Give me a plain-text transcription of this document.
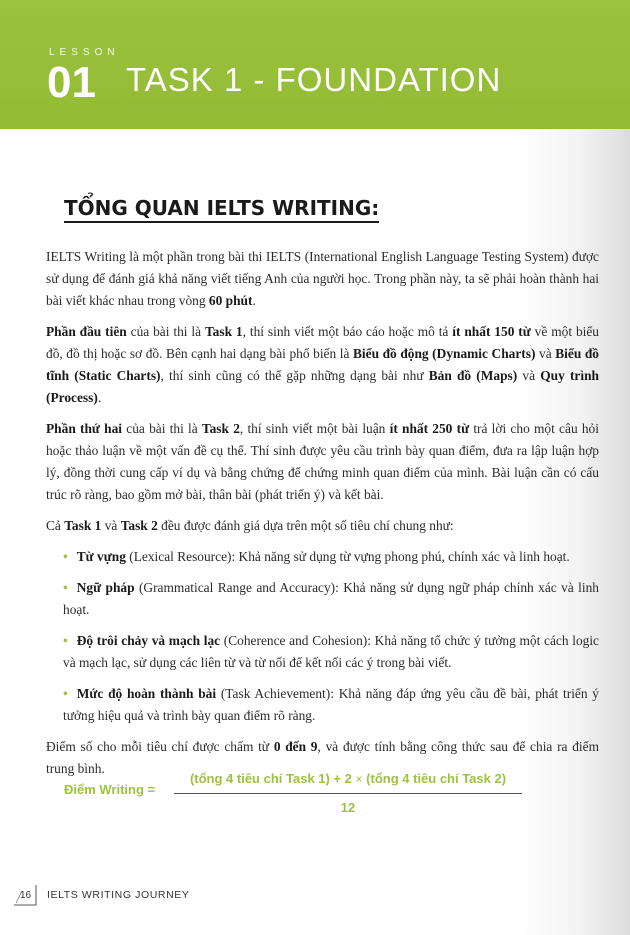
LESSON
01 TASK 1 - FOUNDATION
TỔNG QUAN IELTS WRITING:

IELTS Writing là một phần trong bài thi IELTS (International English Language Testing System) được sử dụng để đánh giá khả năng viết tiếng Anh của người học. Trong phần này, ta sẽ phải hoàn thành hai bài viết khác nhau trong vòng 60 phút.

Phần đầu tiên của bài thi là Task 1, thí sinh viết một báo cáo hoặc mô tả ít nhất 150 từ về một biểu đồ, đồ thị hoặc sơ đồ. Bên cạnh hai dạng bài phổ biến là Biểu đồ động (Dynamic Charts) và Biểu đồ tĩnh (Static Charts), thí sinh cũng có thể gặp những dạng bài như Bản đồ (Maps) và Quy trình (Process).

Phần thứ hai của bài thi là Task 2, thí sinh viết một bài luận ít nhất 250 từ trả lời cho một câu hỏi hoặc thảo luận về một vấn đề cụ thể. Thí sinh được yêu cầu trình bày quan điểm, đưa ra lập luận hợp lý, đồng thời cung cấp ví dụ và bằng chứng để chứng minh quan điểm của mình. Bài luận cần có cấu trúc rõ ràng, bao gồm mở bài, thân bài (phát triển ý) và kết bài.

Cả Task 1 và Task 2 đều được đánh giá dựa trên một số tiêu chí chung như:

• Từ vựng (Lexical Resource): Khả năng sử dụng từ vựng phong phú, chính xác và linh hoạt.
• Ngữ pháp (Grammatical Range and Accuracy): Khả năng sử dụng ngữ pháp chính xác và linh hoạt.
• Độ trôi chảy và mạch lạc (Coherence and Cohesion): Khả năng tổ chức ý tưởng một cách logic và mạch lạc, sử dụng các liên từ và từ nối để kết nối các ý trong bài viết.
• Mức độ hoàn thành bài (Task Achievement): Khả năng đáp ứng yêu cầu đề bài, phát triển ý tưởng hiệu quả và trình bày quan điểm rõ ràng.

Điểm số cho mỗi tiêu chí được chấm từ 0 đến 9, và được tính bằng công thức sau để chia ra điểm trung bình.

Điểm Writing =
(tổng 4 tiêu chí Task 1) + 2 × (tổng 4 tiêu chí Task 2)
12
16 IELTS WRITING JOURNEY
